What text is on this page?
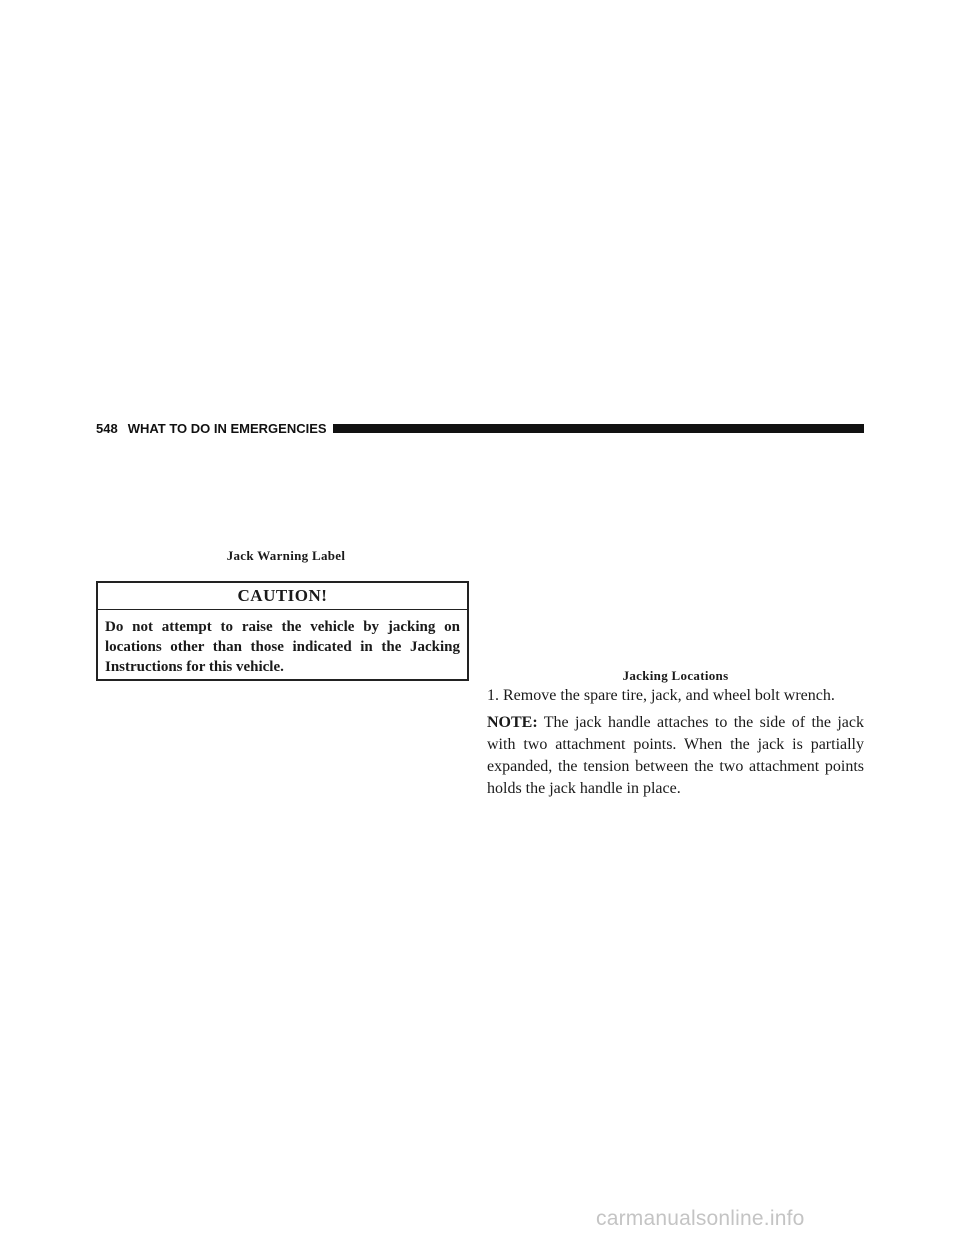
548 WHAT TO DO IN EMERGENCIES
Jack Warning Label
CAUTION!
Do not attempt to raise the vehicle by jacking on locations other than those indicated in the Jacking Instructions for this vehicle.
Jacking Locations
1. Remove the spare tire, jack, and wheel bolt wrench.
NOTE: The jack handle attaches to the side of the jack with two attachment points. When the jack is partially expanded, the tension between the two attachment points holds the jack handle in place.
carmanualsonline.info
